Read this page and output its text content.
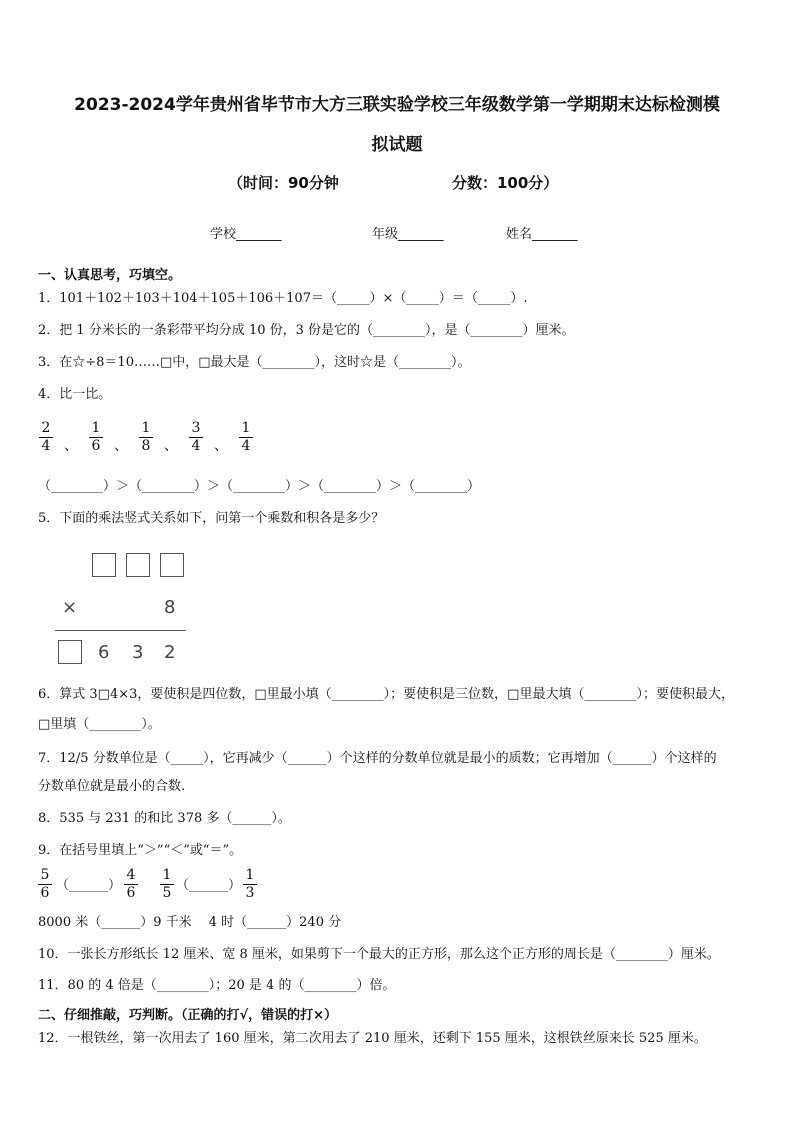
2023-2024学年贵州省毕节市大方三联实验学校三年级数学第一学期期末达标检测模
拟试题
（时间：90分钟	分数：100分）
学校_______	年级_______	姓名_______
一、认真思考，巧填空。
1．101＋102＋103＋104＋105＋106＋107＝（_____）×（_____）＝（_____）.
2．把 1 分米长的一条彩带平均分成 10 份，3 份是它的（________），是（________）厘米。
3．在☆÷8＝10……□中，□最大是（________），这时☆是（________）。
4．比一比。
$\frac{2}{4}$ 、 $\frac{1}{6}$ 、 $\frac{1}{8}$ 、 $\frac{3}{4}$ 、 $\frac{1}{4}$
（________）＞（________）＞（________）＞（________）＞（________）
5．下面的乘法竖式关系如下，问第一个乘数和积各是多少？
×	8
6 3 2
6．算式 3□4×3，要使积是四位数，□里最小填（________）；要使积是三位数，□里最大填（________）；要使积最大，
□里填（________）。
7．12/5 分数单位是（_____），它再减少（______）个这样的分数单位就是最小的质数；它再增加（______）个这样的
分数单位就是最小的合数.
8．535 与 231 的和比 378 多（______）。
9．在括号里填上“＞”“＜”或“＝”。
$\frac{5}{6}$ （______） $\frac{4}{6} \frac{1}{5}$ （______） $\frac{1}{3}$
8000 米（______）9 千米　 4 时（______）240 分
10．一张长方形纸长 12 厘米、宽 8 厘米，如果剪下一个最大的正方形，那么这个正方形的周长是（________）厘米。
11．80 的 4 倍是（________）；20 是 4 的（________）倍。
二、仔细推敲，巧判断。（正确的打√，错误的打×）
12．一根铁丝，第一次用去了 160 厘米，第二次用去了 210 厘米，还剩下 155 厘米，这根铁丝原来长 525 厘米。
